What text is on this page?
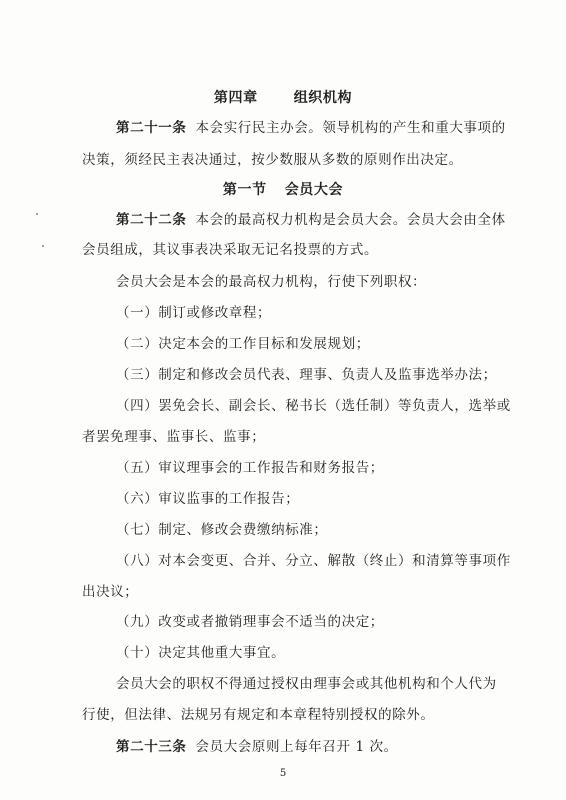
第四章	组织机构
第二十一条 本会实行民主办会。领导机构的产生和重大事项的
决策，须经民主表决通过，按少数服从多数的原则作出决定。
第一节 会员大会
第二十二条 本会的最高权力机构是会员大会。会员大会由全体
会员组成，其议事表决采取无记名投票的方式。
会员大会是本会的最高权力机构，行使下列职权：
（一）制订或修改章程；
（二）决定本会的工作目标和发展规划；
（三）制定和修改会员代表、理事、负责人及监事选举办法；
（四）罢免会长、副会长、秘书长（选任制）等负责人，选举或
者罢免理事、监事长、监事；
（五）审议理事会的工作报告和财务报告；
（六）审议监事的工作报告；
（七）制定、修改会费缴纳标准；
（八）对本会变更、合并、分立、解散（终止）和清算等事项作
出决议；
（九）改变或者撤销理事会不适当的决定；
（十）决定其他重大事宜。
会员大会的职权不得通过授权由理事会或其他机构和个人代为
行使，但法律、法规另有规定和本章程特别授权的除外。
第二十三条 会员大会原则上每年召开 1 次。
5
